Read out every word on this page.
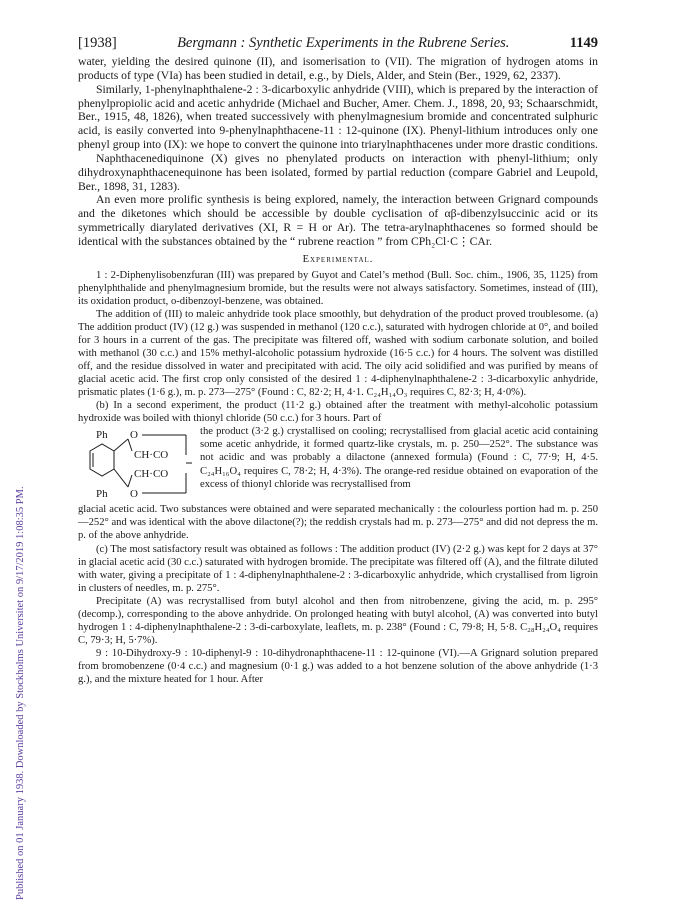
Published on 01 January 1938. Downloaded by Stockholms Universitet on 9/17/2019 1:08:35 PM.
[1938]	Bergmann : Synthetic Experiments in the Rubrene Series.	1149

water, yielding the desired quinone (II), and isomerisation to (VII). The migration of hydrogen atoms in products of type (VIa) has been studied in detail, e.g., by Diels, Alder, and Stein (Ber., 1929, 62, 2337).

Similarly, 1-phenylnaphthalene-2 : 3-dicarboxylic anhydride (VIII), which is prepared by the interaction of phenylpropiolic acid and acetic anhydride (Michael and Bucher, Amer. Chem. J., 1898, 20, 93; Schaarschmidt, Ber., 1915, 48, 1826), when treated successively with phenylmagnesium bromide and concentrated sulphuric acid, is easily converted into 9-phenylnaphthacene-11 : 12-quinone (IX). Phenyl-lithium introduces only one phenyl group into (IX): we hope to convert the quinone into triarylnaphthacenes under more drastic conditions.

Naphthacenediquinone (X) gives no phenylated products on interaction with phenyl-lithium; only dihydroxynaphthacenequinone has been isolated, formed by partial reduction (compare Gabriel and Leupold, Ber., 1898, 31, 1283).

An even more prolific synthesis is being explored, namely, the interaction between Grignard compounds and the diketones which should be accessible by double cyclisation of αβ-dibenzylsuccinic acid or its symmetrically diarylated derivatives (XI, R = H or Ar). The tetra-arylnaphthacenes so formed should be identical with the substances obtained by the “ rubrene reaction ” from CPh₂Cl·C⋮CAr.

Experimental.

1 : 2-Diphenylisobenzfuran (III) was prepared by Guyot and Catel’s method (Bull. Soc. chim., 1906, 35, 1125) from phenylphthalide and phenylmagnesium bromide, but the results were not always satisfactory. Sometimes, instead of (III), its oxidation product, o-dibenzoyl-benzene, was obtained.

The addition of (III) to maleic anhydride took place smoothly, but dehydration of the product proved troublesome. (a) The addition product (IV) (12 g.) was suspended in methanol (120 c.c.), saturated with hydrogen chloride at 0°, and boiled for 3 hours in a current of the gas. The precipitate was filtered off, washed with sodium carbonate solution, and boiled with methanol (30 c.c.) and 15% methyl-alcoholic potassium hydroxide (16·5 c.c.) for 4 hours. The solvent was distilled off, and the residue dissolved in water and precipitated with acid. The oily acid solidified and was purified by means of glacial acetic acid. The first crop only consisted of the desired 1 : 4-diphenylnaphthalene-2 : 3-dicarboxylic anhydride, prismatic plates (1·6 g.), m. p. 273—275° (Found : C, 82·2; H, 4·1. C₂₄H₁₄O₃ requires C, 82·3; H, 4·0%).

(b) In a second experiment, the product (11·2 g.) obtained after the treatment with methyl-alcoholic potassium hydroxide was boiled with thionyl chloride (50 c.c.) for 3 hours. Part of

Ph O
CH·CO
CH·CO
Ph O

the product (3·2 g.) crystallised on cooling; recrystallised from glacial acetic acid containing some acetic anhydride, it formed quartz-like crystals, m. p. 250—252°. The substance was not acidic and was probably a dilactone (annexed formula) (Found : C, 77·9; H, 4·5. C₂₄H₁₆O₄ requires C, 78·2; H, 4·3%). The orange-red residue obtained on evaporation of the excess of thionyl chloride was recrystallised from

glacial acetic acid. Two substances were obtained and were separated mechanically : the colourless portion had m. p. 250—252° and was identical with the above dilactone(?); the reddish crystals had m. p. 273—275° and did not depress the m. p. of the above anhydride.

(c) The most satisfactory result was obtained as follows : The addition product (IV) (2·2 g.) was kept for 2 days at 37° in glacial acetic acid (30 c.c.) saturated with hydrogen bromide. The precipitate was filtered off (A), and the filtrate diluted with water, giving a precipitate of 1 : 4-diphenylnaphthalene-2 : 3-dicarboxylic anhydride, which crystallised from ligroin in clusters of needles, m. p. 275°.

Precipitate (A) was recrystallised from butyl alcohol and then from nitrobenzene, giving the acid, m. p. 295° (decomp.), corresponding to the above anhydride. On prolonged heating with butyl alcohol, (A) was converted into butyl hydrogen 1 : 4-diphenylnaphthalene-2 : 3-di-carboxylate, leaflets, m. p. 238° (Found : C, 79·8; H, 5·8. C₂₈H₂₄O₄ requires C, 79·3; H, 5·7%).

9 : 10-Dihydroxy-9 : 10-diphenyl-9 : 10-dihydronaphthacene-11 : 12-quinone (VI).—A Grignard solution prepared from bromobenzene (0·4 c.c.) and magnesium (0·1 g.) was added to a hot benzene solution of the above anhydride (1·3 g.), and the mixture heated for 1 hour. After
